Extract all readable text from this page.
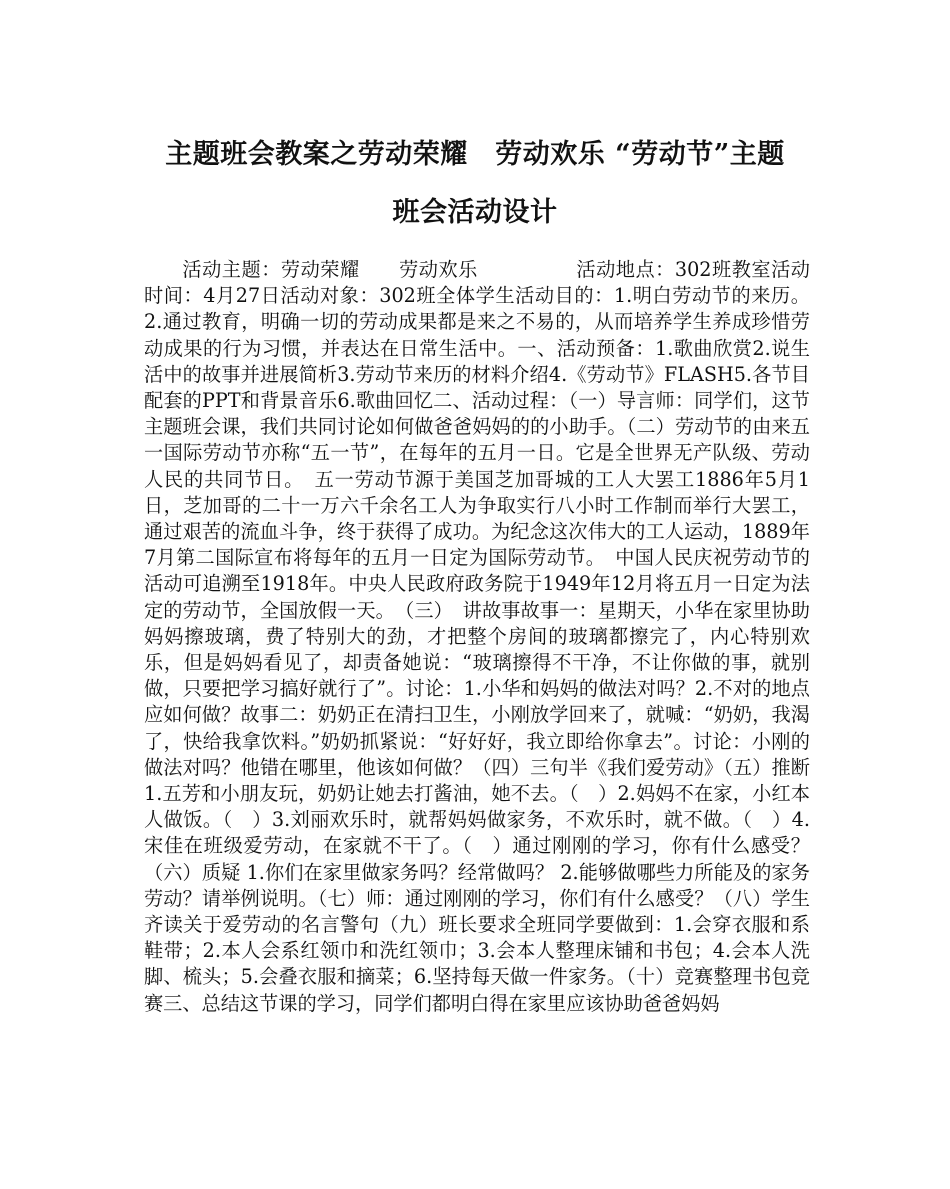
主题班会教案之劳动荣耀　劳动欢乐 “劳动节”主题
班会活动设计

活动主题：劳动荣耀　　劳动欢乐　　　　　活动地点：302班教室活动时间：4月27日活动对象：302班全体学生活动目的：1.明白劳动节的来历。2.通过教育，明确一切的劳动成果都是来之不易的，从而培养学生养成珍惜劳动成果的行为习惯，并表达在日常生活中。一、活动预备：1.歌曲欣赏2.说生活中的故事并进展简析3.劳动节来历的材料介绍4.《劳动节》FLASH5.各节目配套的PPT和背景音乐6.歌曲回忆二、活动过程：（一）导言师：同学们，这节主题班会课，我们共同讨论如何做爸爸妈妈的的小助手。（二）劳动节的由来五一国际劳动节亦称“五一节”，在每年的五月一日。它是全世界无产队级、劳动人民的共同节日。　五一劳动节源于美国芝加哥城的工人大罢工1886年5月1日，芝加哥的二十一万六千余名工人为争取实行八小时工作制而举行大罢工，通过艰苦的流血斗争，终于获得了成功。为纪念这次伟大的工人运动，1889年7月第二国际宣布将每年的五月一日定为国际劳动节。　中国人民庆祝劳动节的活动可追溯至1918年。中央人民政府政务院于1949年12月将五月一日定为法定的劳动节，全国放假一天。　（三）　讲故事故事一：星期天，小华在家里协助妈妈擦玻璃，费了特别大的劲，才把整个房间的玻璃都擦完了，内心特别欢乐，但是妈妈看见了，却责备她说：“玻璃擦得不干净，不让你做的事，就别做，只要把学习搞好就行了”。讨论：1.小华和妈妈的做法对吗？2.不对的地点应如何做？故事二：奶奶正在清扫卫生，小刚放学回来了，就喊：“奶奶，我渴了，快给我拿饮料。”奶奶抓紧说：“好好好，我立即给你拿去”。讨论：小刚的做法对吗？他错在哪里，他该如何做？（四）三句半《我们爱劳动》（五）推断1.五芳和小朋友玩，奶奶让她去打酱油，她不去。（　）2.妈妈不在家，小红本人做饭。（　）3.刘丽欢乐时，就帮妈妈做家务，不欢乐时，就不做。（　）4.宋佳在班级爱劳动，在家就不干了。（　）通过刚刚的学习，你有什么感受？（六）质疑 1.你们在家里做家务吗？经常做吗？ 2.能够做哪些力所能及的家务劳动？请举例说明。（七）师：通过刚刚的学习，你们有什么感受？（八）学生齐读关于爱劳动的名言警句（九）班长要求全班同学要做到：1.会穿衣服和系鞋带；2.本人会系红领巾和洗红领巾；3.会本人整理床铺和书包；4.会本人洗脚、梳头；5.会叠衣服和摘菜；6.坚持每天做一件家务。（十）竞赛整理书包竞赛三、总结这节课的学习，同学们都明白得在家里应该协助爸爸妈妈
